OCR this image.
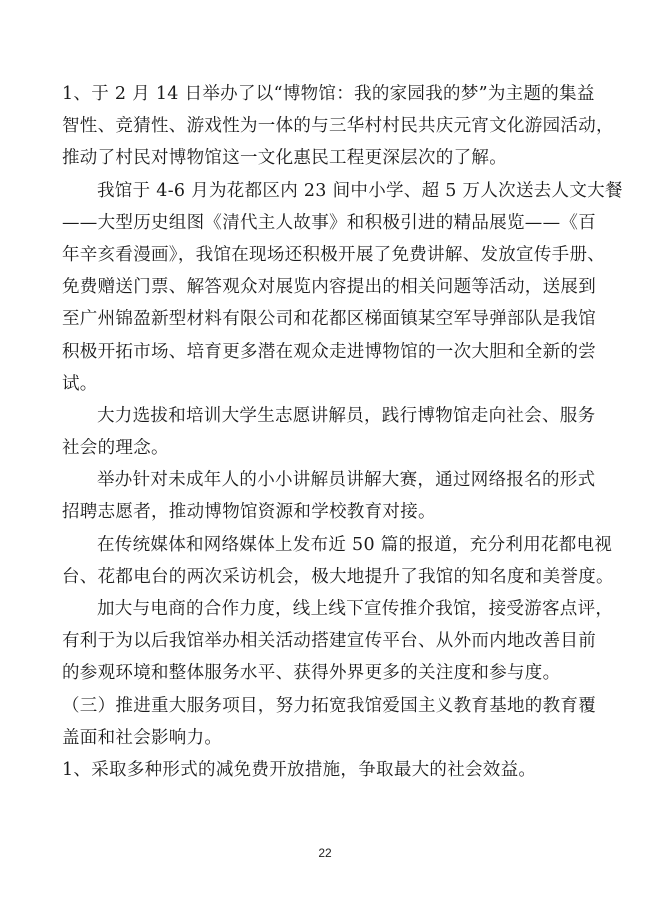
1、于 2 月 14 日举办了以“博物馆：我的家园我的梦”为主题的集益
智性、竞猜性、游戏性为一体的与三华村村民共庆元宵文化游园活动，
推动了村民对博物馆这一文化惠民工程更深层次的了解。
我馆于 4-6 月为花都区内 23 间中小学、超 5 万人次送去人文大餐
——大型历史组图《清代主人故事》和积极引进的精品展览——《百
年辛亥看漫画》，我馆在现场还积极开展了免费讲解、发放宣传手册、
免费赠送门票、解答观众对展览内容提出的相关问题等活动，送展到
至广州锦盈新型材料有限公司和花都区梯面镇某空军导弹部队是我馆
积极开拓市场、培育更多潜在观众走进博物馆的一次大胆和全新的尝
试。
大力选拔和培训大学生志愿讲解员，践行博物馆走向社会、服务
社会的理念。
举办针对未成年人的小小讲解员讲解大赛，通过网络报名的形式
招聘志愿者，推动博物馆资源和学校教育对接。
在传统媒体和网络媒体上发布近 50 篇的报道，充分利用花都电视
台、花都电台的两次采访机会，极大地提升了我馆的知名度和美誉度。
加大与电商的合作力度，线上线下宣传推介我馆，接受游客点评，
有利于为以后我馆举办相关活动搭建宣传平台、从外而内地改善目前
的参观环境和整体服务水平、获得外界更多的关注度和参与度。
（三）推进重大服务项目，努力拓宽我馆爱国主义教育基地的教育覆
盖面和社会影响力。
1、采取多种形式的减免费开放措施，争取最大的社会效益。
22
